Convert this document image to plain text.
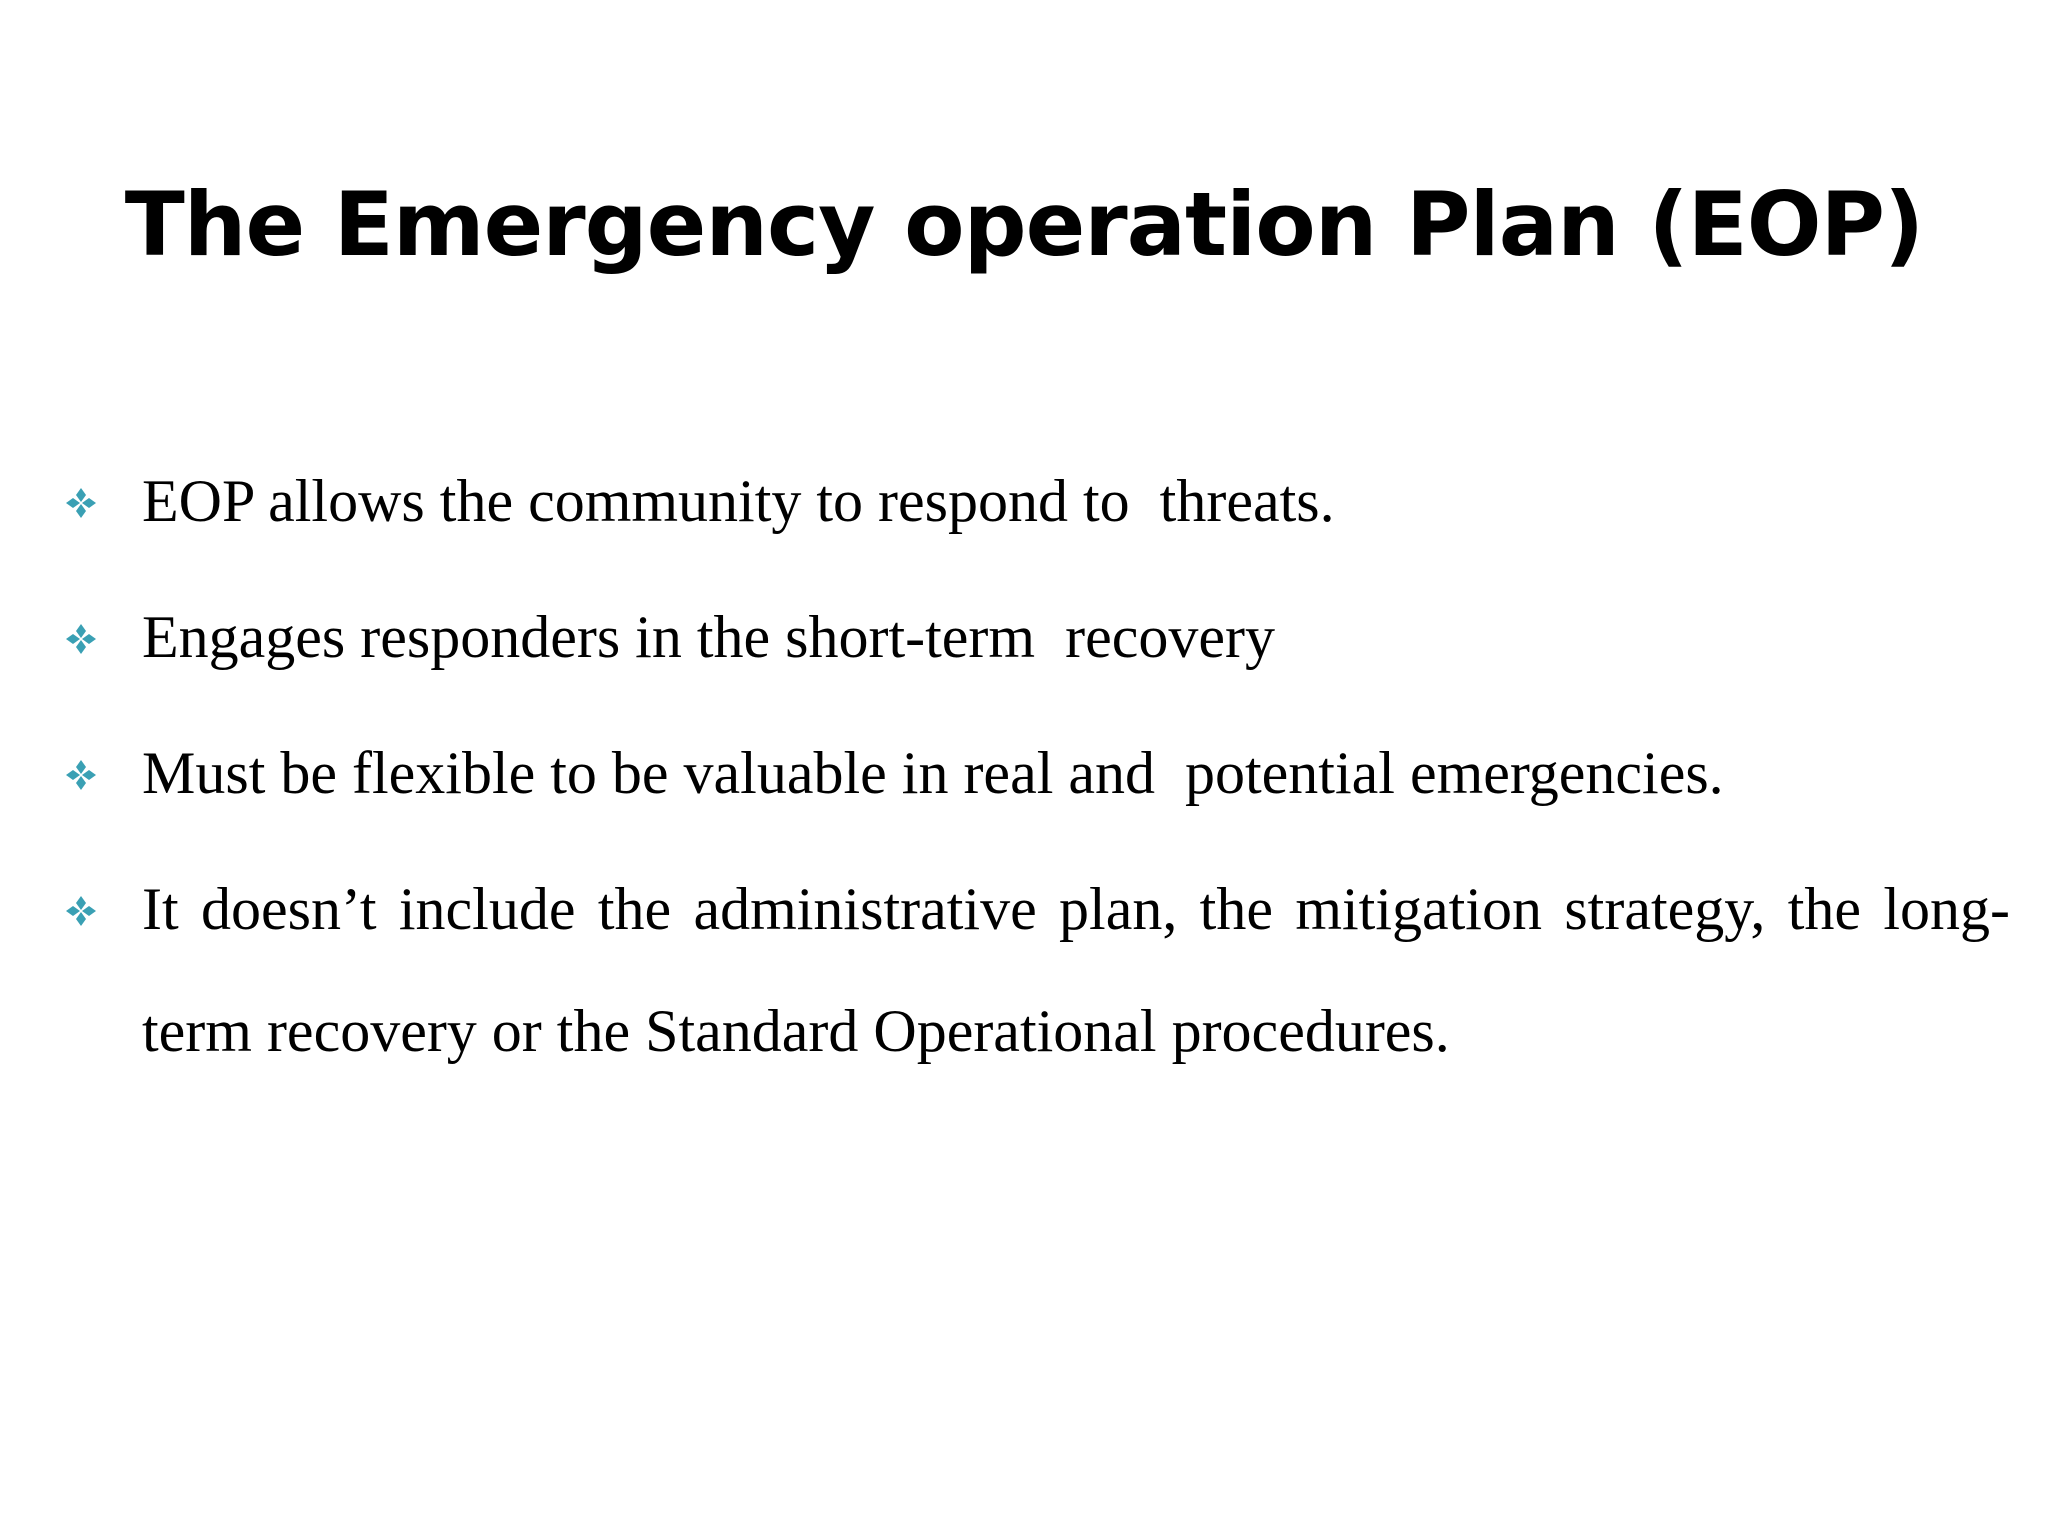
The Emergency operation Plan (EOP)
EOP allows the community to respond to  threats.
Engages responders in the short-term  recovery
Must be flexible to be valuable in real and  potential emergencies.
It doesn’t include the administrative plan, the mitigation strategy, the long-term recovery or the Standard Operational procedures.
